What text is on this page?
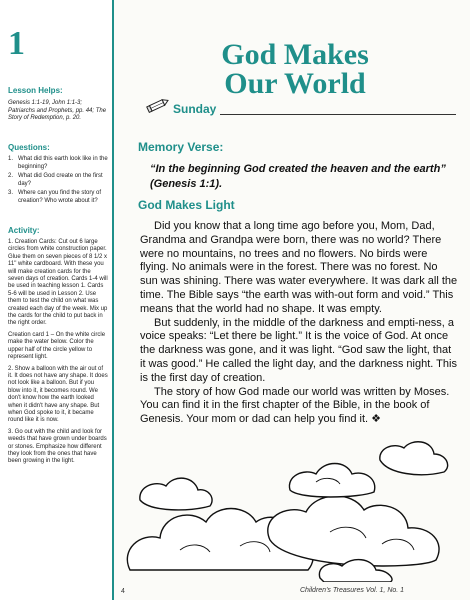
1
Lesson Helps:
Genesis 1:1-19, John 1:1-3; Patriarchs and Prophets, pp. 44; The Story of Redemption, p. 20.
Questions:
1. What did this earth look like in the beginning?
2. What did God create on the first day?
3. Where can you find the story of creation? Who wrote about it?
Activity:
1. Creation Cards: Cut out 6 large circles from white construction paper. Glue them on seven pieces of 8 1/2 x 11" white cardboard. With these you will make creation cards for the seven days of creation. Cards 1-4 will be used in teaching lesson 1. Cards 5-6 will be used in Lesson 2. Use them to test the child on what was created each day of the week. Mix up the cards for the child to put back in the right order.
Creation card 1 – On the white circle make the water below. Color the upper half of the circle yellow to represent light.
2. Show a balloon with the air out of it. It does not have any shape. It does not look like a balloon. But if you blow into it, it becomes round. We don't know how the earth looked when it didn't have any shape. But when God spoke to it, it became round like it is now.
3. Go out with the child and look for weeds that have grown under boards or stones. Emphasize how different they look from the ones that have been growing in the light.
God Makes
Our World
Sunday
Memory Verse:
“In the beginning God created the heaven and the earth” (Genesis 1:1).
God Makes Light

Did you know that a long time ago before you, Mom, Dad, Grandma and Grandpa were born, there was no world? There were no mountains, no trees and no flowers. No birds were flying. No animals were in the forest. There was no forest. No sun was shining. There was water everywhere. It was dark all the time. The Bible says “the earth was with-out form and void.” This means that the world had no shape. It was empty.

But suddenly, in the middle of the darkness and empti-ness, a voice speaks: “Let there be light.” It is the voice of God. At once the darkness was gone, and it was light. “God saw the light, that it was good.” He called the light day, and the darkness night. This is the first day of creation.

The story of how God made our world was written by Moses. You can find it in the first chapter of the Bible, in the book of Genesis. Your mom or dad can help you find it. ❖

4	Children's Treasures Vol. 1, No. 1
